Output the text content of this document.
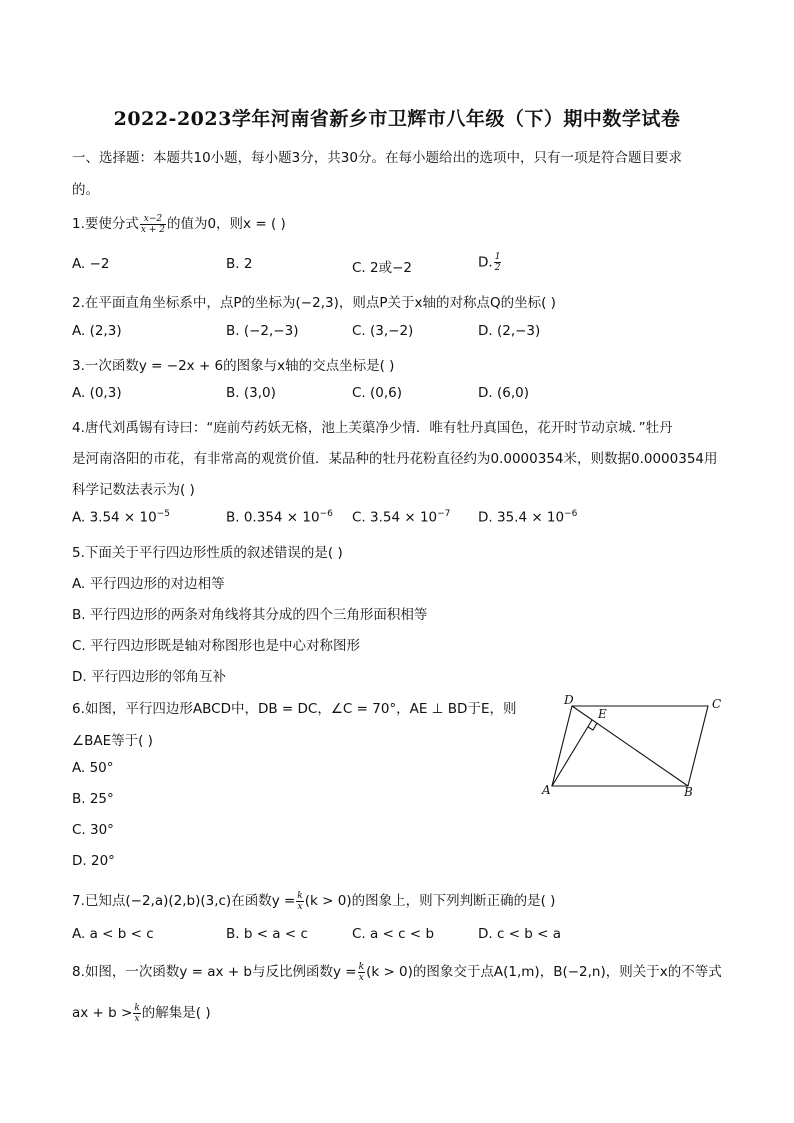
2022-2023学年河南省新乡市卫辉市八年级（下）期中数学试卷
一、选择题：本题共10小题，每小题3分，共30分。在每小题给出的选项中，只有一项是符合题目要求
的。
1.要使分式 $\frac{x-2}{x + 2}$ 的值为0，则x = ( )
A. −2	B. 2	C. 2或−2	D. $\frac{1}{2}$
2.在平面直角坐标系中，点P的坐标为(−2,3)，则点P关于x轴的对称点Q的坐标( )
A. (2,3)	B. (−2,−3)	C. (3,−2)	D. (2,−3)
3.一次函数y = −2x + 6的图象与x轴的交点坐标是( )
A. (0,3)	B. (3,0)	C. (0,6)	D. (6,0)
4.唐代刘禹锡有诗曰：“庭前芍药妖无格，池上芙蕖净少情．唯有牡丹真国色，花开时节动京城．”牡丹
是河南洛阳的市花，有非常高的观赏价值．某品种的牡丹花粉直径约为0.0000354米，则数据0.0000354用
科学记数法表示为( )
A. $3.54 \times 10^{-5}$	B. $0.354 \times 10^{-6}$ C. $3.54 \times 10^{-7}$ D. $35.4 \times 10^{-6}$
5.下面关于平行四边形性质的叙述错误的是( )
A. 平行四边形的对边相等
B. 平行四边形的两条对角线将其分成的四个三角形面积相等
C. 平行四边形既是轴对称图形也是中心对称图形
D. 平行四边形的邻角互补
6.如图，平行四边形ABCD中，DB = DC，∠C = 70°，AE ⊥ BD于E，则
∠BAE等于( )
A. 50°
B. 25°
C. 30°
D. 20°
D
E
C
A	B
7.已知点(−2,a)(2,b)(3,c)在函数$y = \frac{k}{x} (k > 0)$的图象上，则下列判断正确的是( )
A. a < b < c	B. b < a < c	C. a < c < b	D. c < b < a
8.如图，一次函数y = ax + b与反比例函数$y = \frac{k}{x} (k > 0)$的图象交于点A(1,m)，B(−2,n)，则关于x的不等式
ax + $b > \frac{k}{x}$ 的解集是( )
